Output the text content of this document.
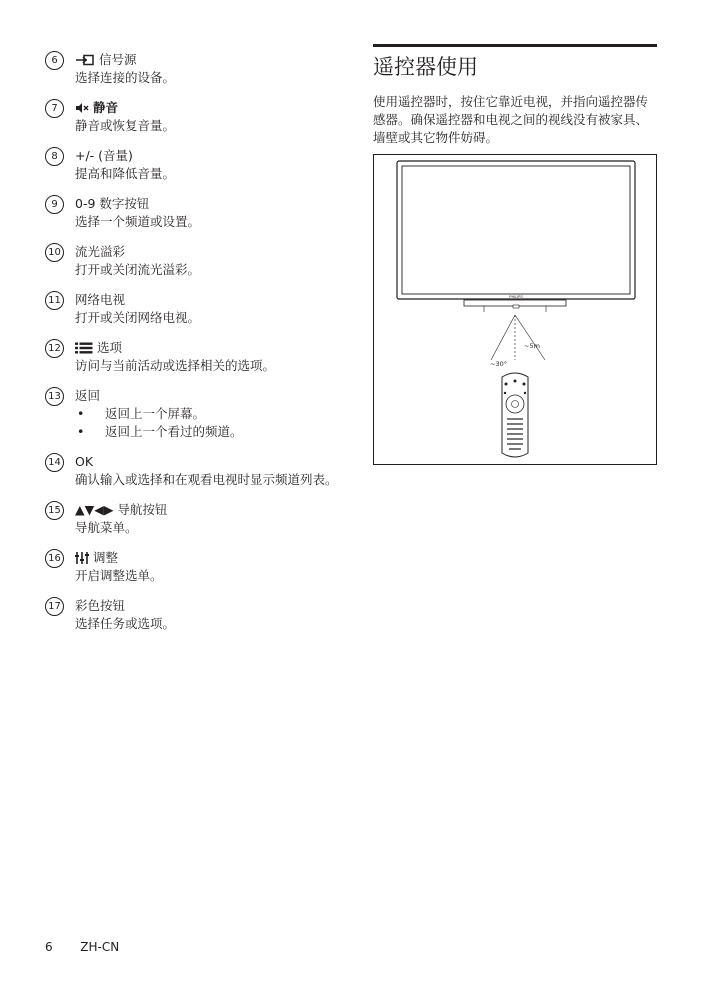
6	信号源
选择连接的设备。
7	静音
静音或恢复音量。
8	+/- (音量)
提高和降低音量。
9	0-9 数字按钮
选择一个频道或设置。
10 流光溢彩
打开或关闭流光溢彩。
11 网络电视
打开或关闭网络电视。
12	选项
访问与当前活动或选择相关的选项。
13 返回
• 返回上一个屏幕。
• 返回上一个看过的频道。
14 OK
确认输入或选择和在观看电视时显示频道列表。
15 ▲▼◀▶ 导航按钮
导航菜单。
16	调整
开启调整选单。
17 彩色按钮
选择任务或选项。
遥控器使用
使用遥控器时，按住它靠近电视，并指向遥控器传感器。确保遥控器和电视之间的视线没有被家具、墙壁或其它物件妨碍。
PHILIPS
~5m
~30°
6 ZH-CN
